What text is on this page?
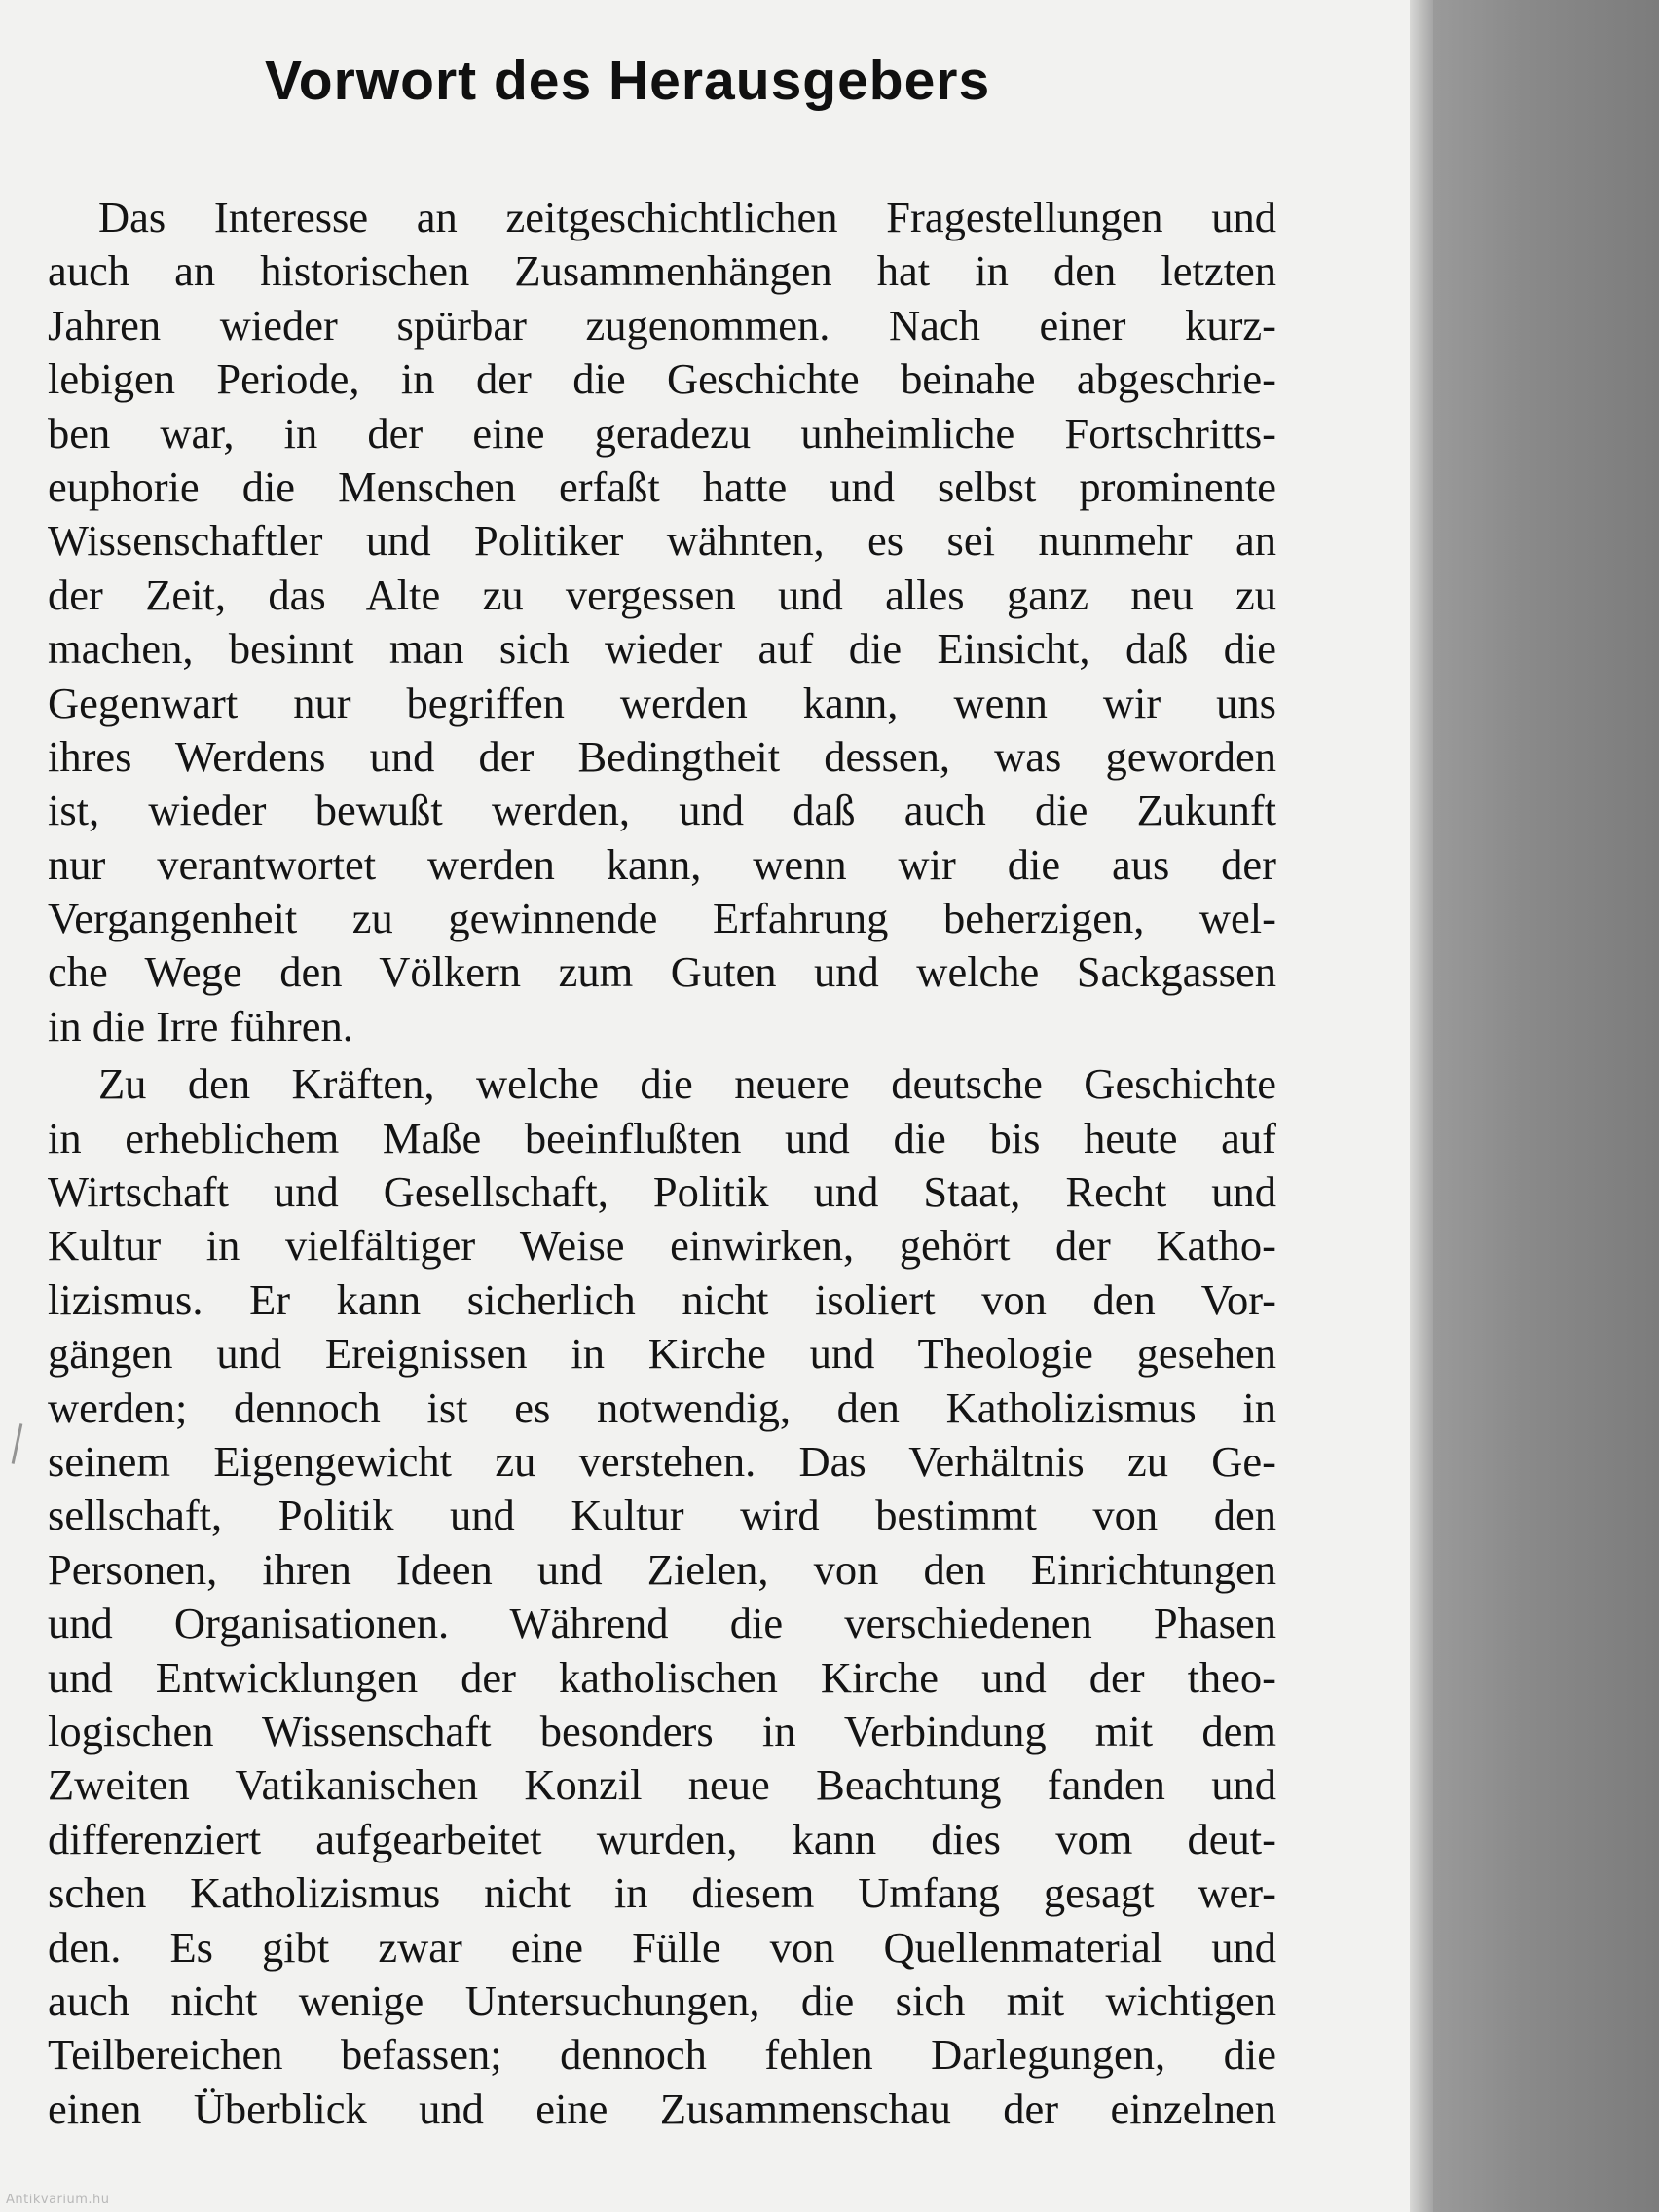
Vorwort des Herausgebers

Das Interesse an zeitgeschichtlichen Fragestellungen und
auch an historischen Zusammenhängen hat in den letzten
Jahren wieder spürbar zugenommen. Nach einer kurz-
lebigen Periode, in der die Geschichte beinahe abgeschrie-
ben war, in der eine geradezu unheimliche Fortschritts-
euphorie die Menschen erfaßt hatte und selbst prominente
Wissenschaftler und Politiker wähnten, es sei nunmehr an
der Zeit, das Alte zu vergessen und alles ganz neu zu
machen, besinnt man sich wieder auf die Einsicht, daß die
Gegenwart nur begriffen werden kann, wenn wir uns
ihres Werdens und der Bedingtheit dessen, was geworden
ist, wieder bewußt werden, und daß auch die Zukunft
nur verantwortet werden kann, wenn wir die aus der
Vergangenheit zu gewinnende Erfahrung beherzigen, wel-
che Wege den Völkern zum Guten und welche Sackgassen
in die Irre führen.

Zu den Kräften, welche die neuere deutsche Geschichte
in erheblichem Maße beeinflußten und die bis heute auf
Wirtschaft und Gesellschaft, Politik und Staat, Recht und
Kultur in vielfältiger Weise einwirken, gehört der Katho-
lizismus. Er kann sicherlich nicht isoliert von den Vor-
gängen und Ereignissen in Kirche und Theologie gesehen
werden; dennoch ist es notwendig, den Katholizismus in
seinem Eigengewicht zu verstehen. Das Verhältnis zu Ge-
sellschaft, Politik und Kultur wird bestimmt von den
Personen, ihren Ideen und Zielen, von den Einrichtungen
und Organisationen. Während die verschiedenen Phasen
und Entwicklungen der katholischen Kirche und der theo-
logischen Wissenschaft besonders in Verbindung mit dem
Zweiten Vatikanischen Konzil neue Beachtung fanden und
differenziert aufgearbeitet wurden, kann dies vom deut-
schen Katholizismus nicht in diesem Umfang gesagt wer-
den. Es gibt zwar eine Fülle von Quellenmaterial und
auch nicht wenige Untersuchungen, die sich mit wichtigen
Teilbereichen befassen; dennoch fehlen Darlegungen, die
einen Überblick und eine Zusammenschau der einzelnen

Antikvarium.hu
